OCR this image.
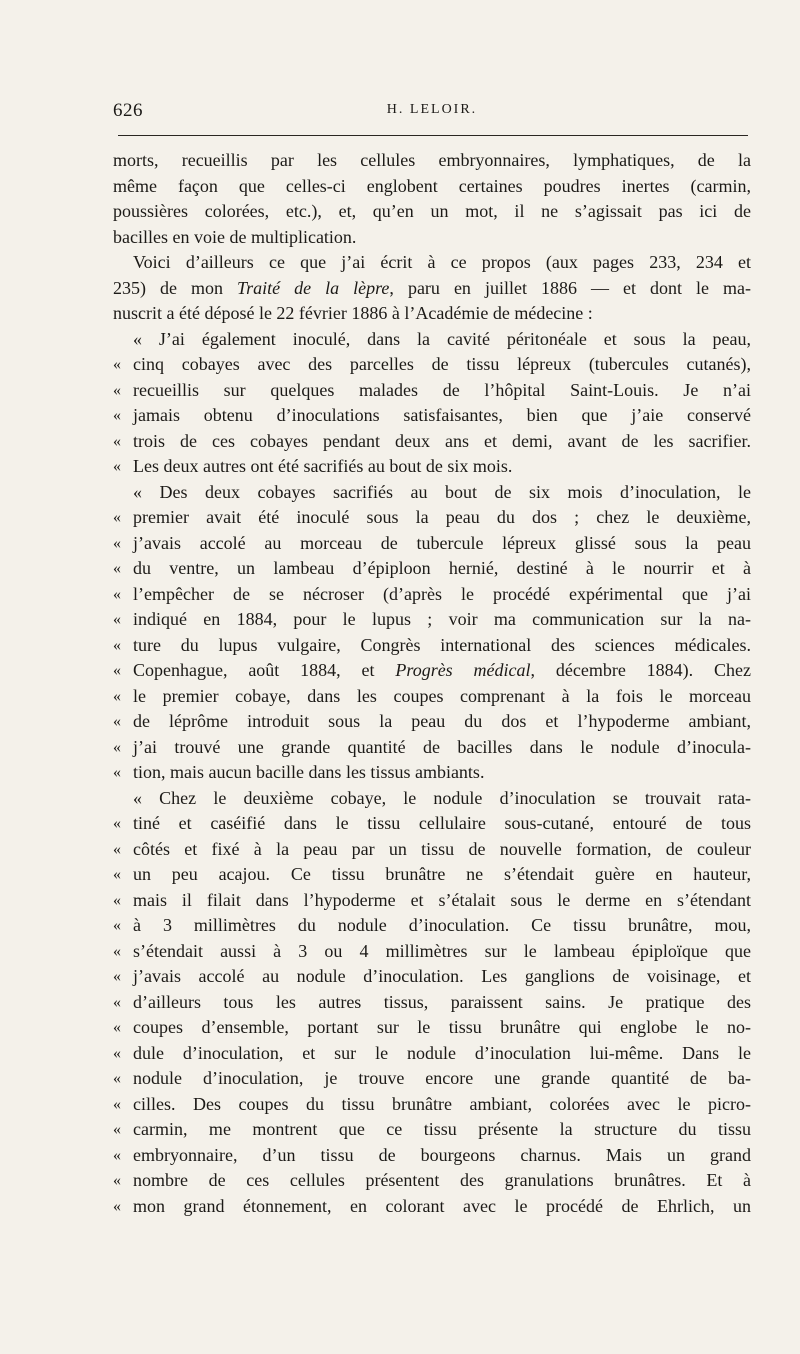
626	H. LELOIR.
morts, recueillis par les cellules embryonnaires, lymphatiques, de la
même façon que celles-ci englobent certaines poudres inertes (carmin,
poussières colorées, etc.), et, qu’en un mot, il ne s’agissait pas ici de
bacilles en voie de multiplication.
Voici d’ailleurs ce que j’ai écrit à ce propos (aux pages 233, 234 et
235) de mon Traité de la lèpre, paru en juillet 1886 — et dont le ma-
nuscrit a été déposé le 22 février 1886 à l’Académie de médecine :
« J’ai également inoculé, dans la cavité péritonéale et sous la peau,
« cinq cobayes avec des parcelles de tissu lépreux (tubercules cutanés),
« recueillis sur quelques malades de l’hôpital Saint-Louis. Je n’ai
« jamais obtenu d’inoculations satisfaisantes, bien que j’aie conservé
« trois de ces cobayes pendant deux ans et demi, avant de les sacrifier.
« Les deux autres ont été sacrifiés au bout de six mois.
« Des deux cobayes sacrifiés au bout de six mois d’inoculation, le
« premier avait été inoculé sous la peau du dos ; chez le deuxième,
« j’avais accolé au morceau de tubercule lépreux glissé sous la peau
« du ventre, un lambeau d’épiploon hernié, destiné à le nourrir et à
« l’empêcher de se nécroser (d’après le procédé expérimental que j’ai
« indiqué en 1884, pour le lupus ; voir ma communication sur la na-
« ture du lupus vulgaire, Congrès international des sciences médicales.
« Copenhague, août 1884, et Progrès médical, décembre 1884). Chez
« le premier cobaye, dans les coupes comprenant à la fois le morceau
« de léprôme introduit sous la peau du dos et l’hypoderme ambiant,
« j’ai trouvé une grande quantité de bacilles dans le nodule d’inocula-
« tion, mais aucun bacille dans les tissus ambiants.
« Chez le deuxième cobaye, le nodule d’inoculation se trouvait rata-
« tiné et caséifié dans le tissu cellulaire sous-cutané, entouré de tous
« côtés et fixé à la peau par un tissu de nouvelle formation, de couleur
« un peu acajou. Ce tissu brunâtre ne s’étendait guère en hauteur,
« mais il filait dans l’hypoderme et s’étalait sous le derme en s’étendant
« à 3 millimètres du nodule d’inoculation. Ce tissu brunâtre, mou,
« s’étendait aussi à 3 ou 4 millimètres sur le lambeau épiploïque que
« j’avais accolé au nodule d’inoculation. Les ganglions de voisinage, et
« d’ailleurs tous les autres tissus, paraissent sains. Je pratique des
« coupes d’ensemble, portant sur le tissu brunâtre qui englobe le no-
« dule d’inoculation, et sur le nodule d’inoculation lui-même. Dans le
« nodule d’inoculation, je trouve encore une grande quantité de ba-
« cilles. Des coupes du tissu brunâtre ambiant, colorées avec le picro-
« carmin, me montrent que ce tissu présente la structure du tissu
« embryonnaire, d’un tissu de bourgeons charnus. Mais un grand
« nombre de ces cellules présentent des granulations brunâtres. Et à
« mon grand étonnement, en colorant avec le procédé de Ehrlich, un
